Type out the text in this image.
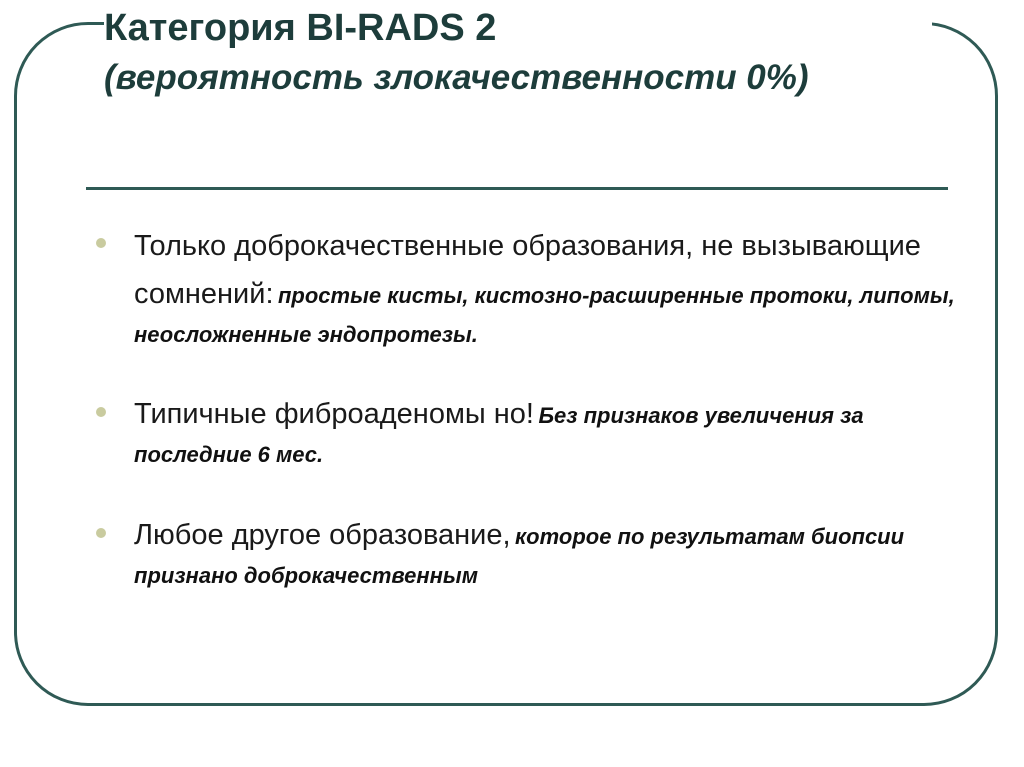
Категория BI-RADS 2
(вероятность злокачественности 0%)
Только доброкачественные образования, не вызывающие сомнений: простые кисты, кистозно-расширенные протоки, липомы, неосложненные эндопротезы.
Типичные фиброаденомы но! Без признаков увеличения за последние 6 мес.
Любое другое образование, которое по результатам биопсии признано доброкачественным
